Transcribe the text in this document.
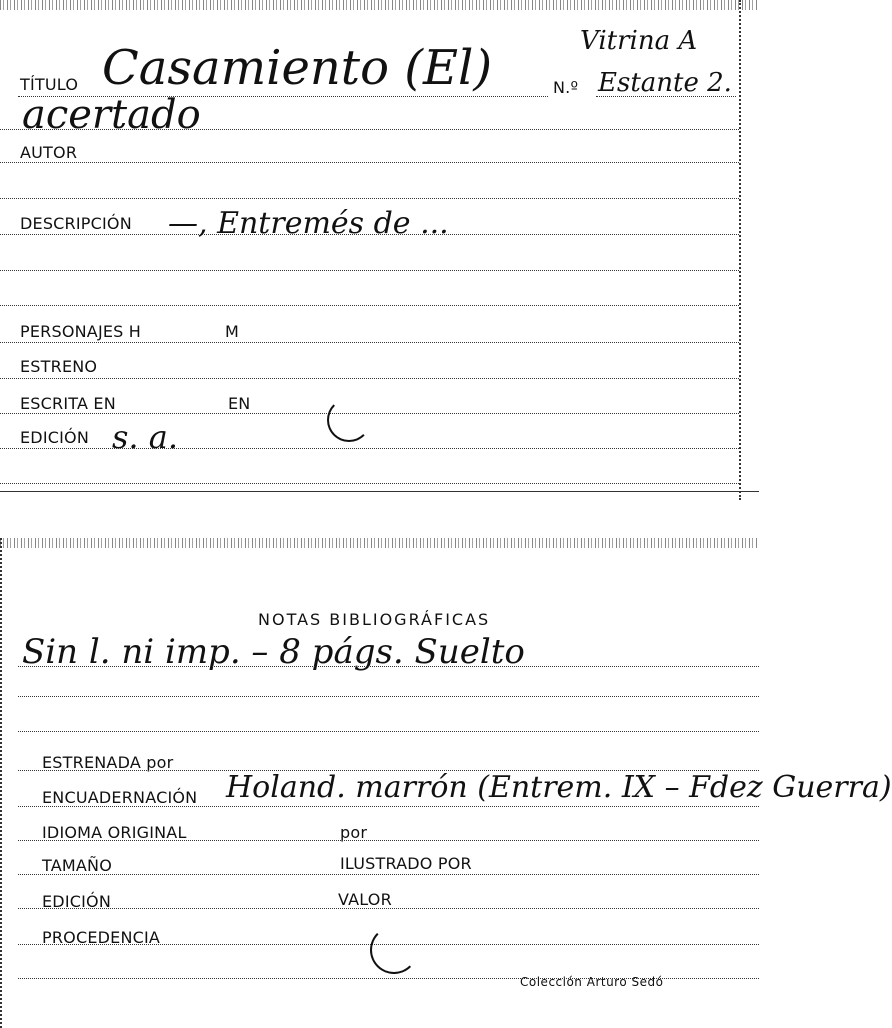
TÍTULO Casamiento (El)	Vitrina A
N.º Estante 2.
acertado
AUTOR
DESCRIPCIÓN —, Entremés de ...
PERSONAJES H	M
ESTRENO
ESCRITA EN	EN
EDICIÓN s. a.
NOTAS BIBLIOGRÁFICAS
Sin l. ni imp. – 8 págs. Suelto
ESTRENADA por
ENCUADERNACIÓN Holand. marrón (Entrem. IX – Fdez Guerra)
IDIOMA ORIGINAL	por
TAMAÑO	ILUSTRADO POR
EDICIÓN	VALOR
PROCEDENCIA
Colección Arturo Sedó
